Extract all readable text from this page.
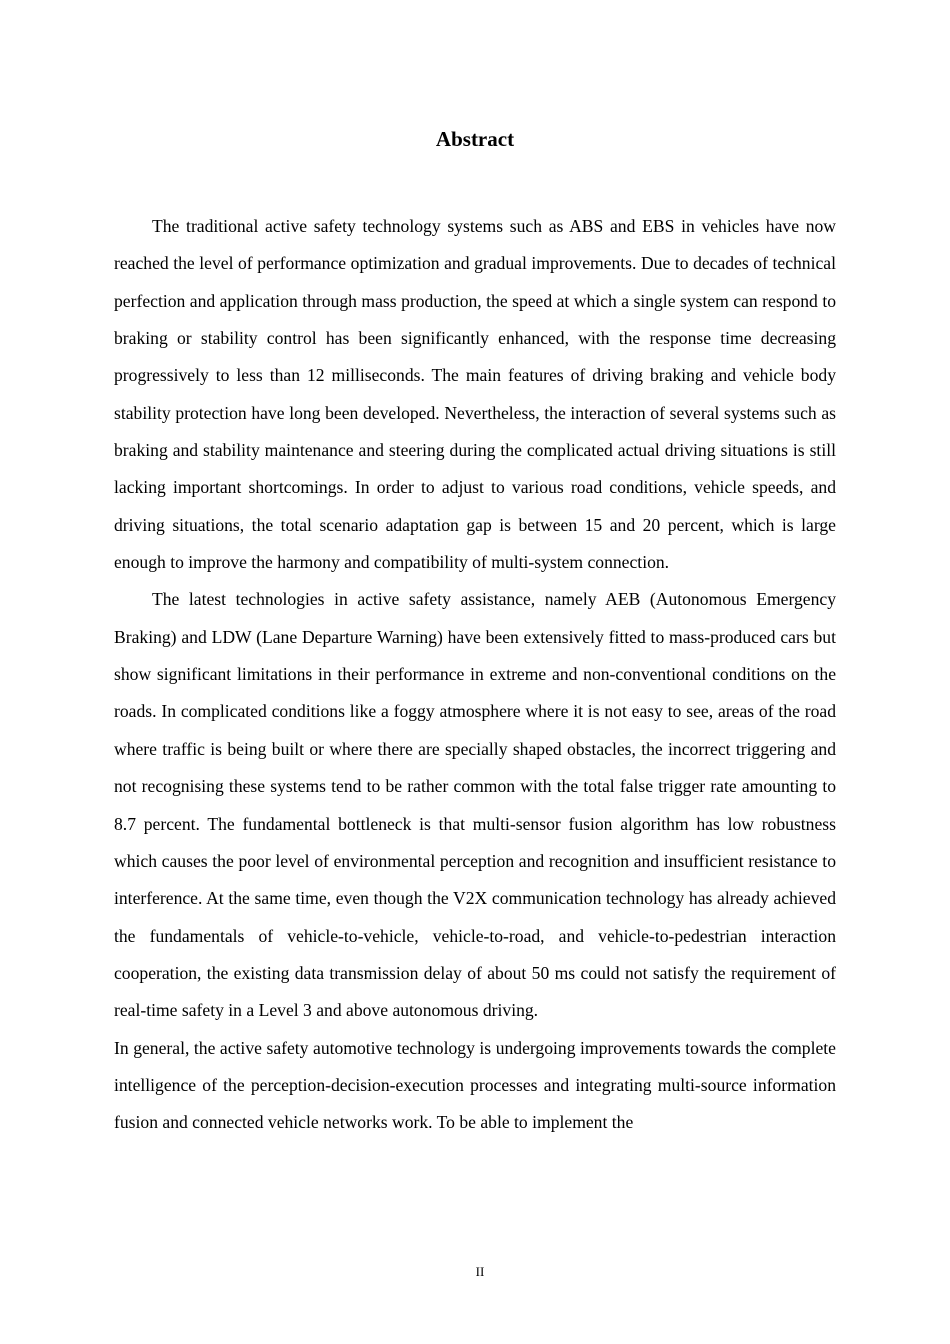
Abstract

The traditional active safety technology systems such as ABS and EBS in vehicles have now reached the level of performance optimization and gradual improvements. Due to decades of technical perfection and application through mass production, the speed at which a single system can respond to braking or stability control has been significantly enhanced, with the response time decreasing progressively to less than 12 milliseconds. The main features of driving braking and vehicle body stability protection have long been developed. Nevertheless, the interaction of several systems such as braking and stability maintenance and steering during the complicated actual driving situations is still lacking important shortcomings. In order to adjust to various road conditions, vehicle speeds, and driving situations, the total scenario adaptation gap is between 15 and 20 percent, which is large enough to improve the harmony and compatibility of multi-system connection.

The latest technologies in active safety assistance, namely AEB (Autonomous Emergency Braking) and LDW (Lane Departure Warning) have been extensively fitted to mass-produced cars but show significant limitations in their performance in extreme and non-conventional conditions on the roads. In complicated conditions like a foggy atmosphere where it is not easy to see, areas of the road where traffic is being built or where there are specially shaped obstacles, the incorrect triggering and not recognising these systems tend to be rather common with the total false trigger rate amounting to 8.7 percent. The fundamental bottleneck is that multi-sensor fusion algorithm has low robustness which causes the poor level of environmental perception and recognition and insufficient resistance to interference. At the same time, even though the V2X communication technology has already achieved the fundamentals of vehicle-to-vehicle, vehicle-to-road, and vehicle-to-pedestrian interaction cooperation, the existing data transmission delay of about 50 ms could not satisfy the requirement of real-time safety in a Level 3 and above autonomous driving.

In general, the active safety automotive technology is undergoing improvements towards the complete intelligence of the perception-decision-execution processes and integrating multi-source information fusion and connected vehicle networks work. To be able to implement the

II
